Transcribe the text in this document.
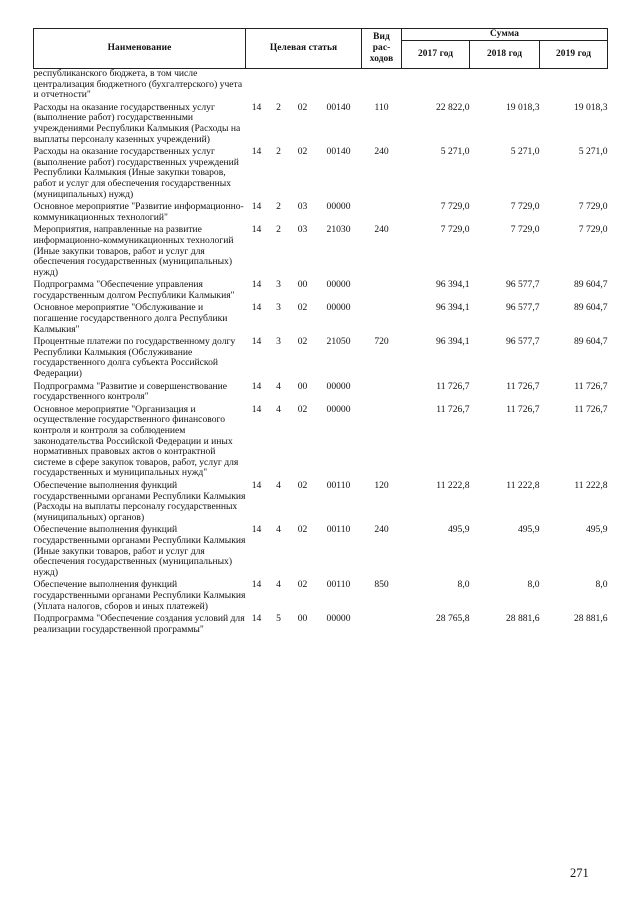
Наименование	Целевая статья				Вид рас-ходов	Сумма		
						2017 год	2018 год	2019 год
республиканского бюджета, в том числе централизация бюджетного (бухгалтерского) учета и отчетности"								
Расходы на оказание государственных услуг (выполнение работ) государственными учреждениями Республики Калмыкия (Расходы на выплаты персоналу казенных учреждений)	14	2	02	00140	110	22 822,0	19 018,3	19 018,3
Расходы на оказание государственных услуг (выполнение работ) государственных учреждений Республики Калмыкия (Иные закупки товаров, работ и услуг для обеспечения государственных (муниципальных) нужд)	14	2	02	00140	240	5 271,0	5 271,0	5 271,0
Основное мероприятие "Развитие информационно-коммуникационных технологий"	14	2	03	00000		7 729,0	7 729,0	7 729,0
Мероприятия, направленные на развитие информационно-коммуникационных технологий (Иные закупки товаров, работ и услуг для обеспечения государственных (муниципальных) нужд)	14	2	03	21030	240	7 729,0	7 729,0	7 729,0
Подпрограмма "Обеспечение управления государственным долгом Республики Калмыкия"	14	3	00	00000		96 394,1	96 577,7	89 604,7
Основное мероприятие "Обслуживание и погашение государственного долга Республики Калмыкия"	14	3	02	00000		96 394,1	96 577,7	89 604,7
Процентные платежи по государственному долгу Республики Калмыкия (Обслуживание государственного долга субъекта Российской Федерации)	14	3	02	21050	720	96 394,1	96 577,7	89 604,7
Подпрограмма "Развитие и совершенствование государственного контроля"	14	4	00	00000		11 726,7	11 726,7	11 726,7
Основное мероприятие "Организация и осуществление государственного финансового контроля и контроля за соблюдением законодательства Российской Федерации и иных нормативных правовых актов о контрактной системе в сфере закупок товаров, работ, услуг для государственных и муниципальных нужд"	14	4	02	00000		11 726,7	11 726,7	11 726,7
Обеспечение выполнения функций государственными органами Республики Калмыкия (Расходы на выплаты персоналу государственных (муниципальных) органов)	14	4	02	00110	120	11 222,8	11 222,8	11 222,8
Обеспечение выполнения функций государственными органами Республики Калмыкия (Иные закупки товаров, работ и услуг для обеспечения государственных (муниципальных) нужд)	14	4	02	00110	240	495,9	495,9	495,9
Обеспечение выполнения функций государственными органами Республики Калмыкия (Уплата налогов, сборов и иных платежей)	14	4	02	00110	850	8,0	8,0	8,0
Подпрограмма "Обеспечение создания условий для реализации государственной программы"	14	5	00	00000		28 765,8	28 881,6	28 881,6
271
